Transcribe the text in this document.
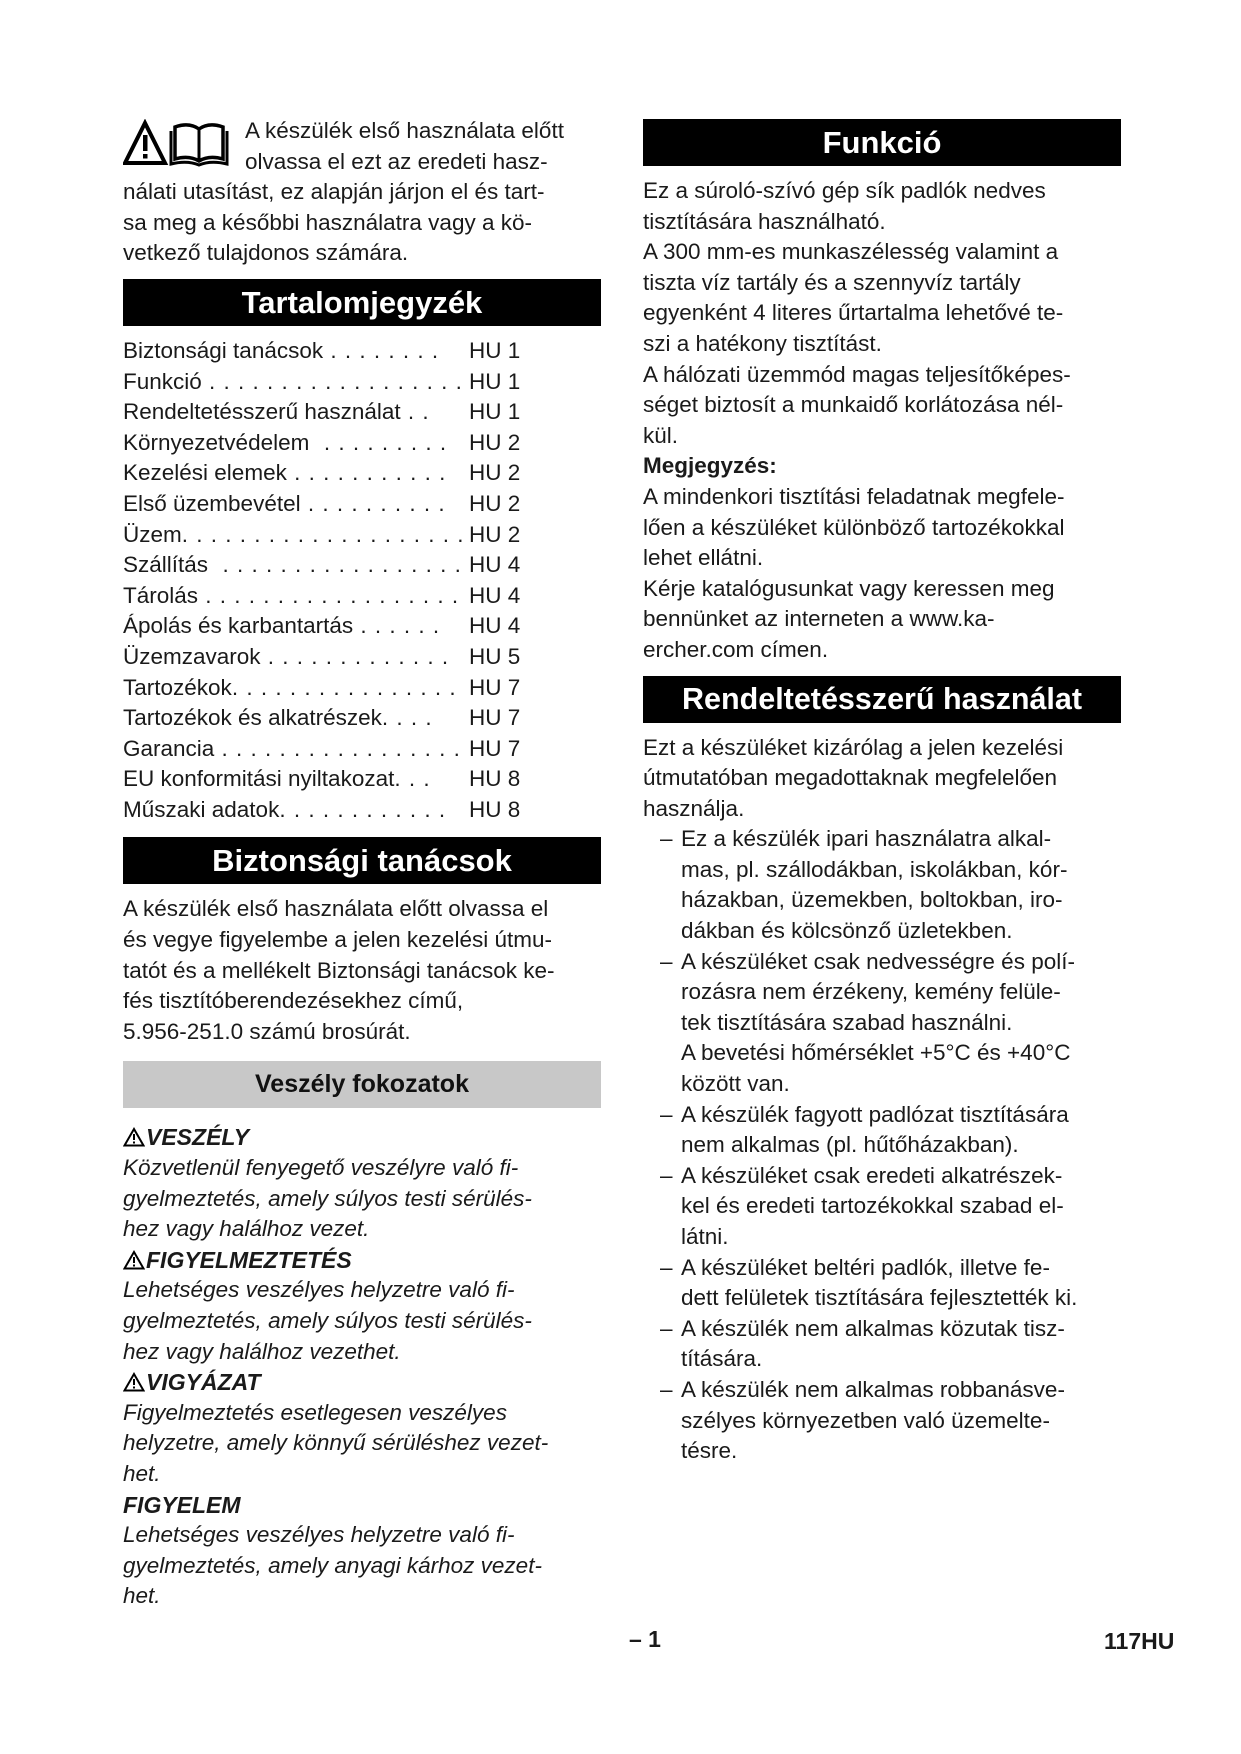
A készülék első használata előtt

olvassa el ezt az eredeti hasz-

nálati utasítást, ez alapján járjon el és tart-

sa meg a későbbi használatra vagy a kö-

vetkező tulajdonos számára.

Tartalomjegyzék
Biztonsági tanácsok . . . . . . . . HU 1
Funkció . . . . . . . . . . . . . . . . . . HU 1
Rendeltetésszerű használat . . HU 1
Környezetvédelem  . . . . . . . . . HU 2
Kezelési elemek . . . . . . . . . . . HU 2
Első üzembevétel . . . . . . . . . . HU 2
Üzem. . . . . . . . . . . . . . . . . . . . HU 2
Szállítás  . . . . . . . . . . . . . . . . . HU 4
Tárolás . . . . . . . . . . . . . . . . . . HU 4
Ápolás és karbantartás . . . . . . HU 4
Üzemzavarok . . . . . . . . . . . . . HU 5
Tartozékok. . . . . . . . . . . . . . . . HU 7
Tartozékok és alkatrészek. . . . HU 7
Garancia . . . . . . . . . . . . . . . . . HU 7
EU konformitási nyiltakozat. . . HU 8
Műszaki adatok. . . . . . . . . . . . HU 8
Biztonsági tanácsok

A készülék első használata előtt olvassa el

és vegye figyelembe a jelen kezelési útmu-

tatót és a mellékelt Biztonsági tanácsok ke-

fés tisztítóberendezésekhez című,

5.956-251.0 számú brosúrát.

Veszély fokozatok

VESZÉLY

Közvetlenül fenyegető veszélyre való fi-

gyelmeztetés, amely súlyos testi sérülés-

hez vagy halálhoz vezet.

FIGYELMEZTETÉS

Lehetséges veszélyes helyzetre való fi-

gyelmeztetés, amely súlyos testi sérülés-

hez vagy halálhoz vezethet.

VIGYÁZAT

Figyelmeztetés esetlegesen veszélyes

helyzetre, amely könnyű sérüléshez vezet-

het.

FIGYELEM

Lehetséges veszélyes helyzetre való fi-

gyelmeztetés, amely anyagi kárhoz vezet-

het.

Funkció

Ez a súroló-szívó gép sík padlók nedves

tisztítására használható.

A 300 mm-es munkaszélesség valamint a

tiszta víz tartály és a szennyvíz tartály

egyenként 4 literes űrtartalma lehetővé te-

szi a hatékony tisztítást.

A hálózati üzemmód magas teljesítőképes-

séget biztosít a munkaidő korlátozása nél-

kül.

Megjegyzés:

A mindenkori tisztítási feladatnak megfele-

lően a készüléket különböző tartozékokkal

lehet ellátni.

Kérje katalógusunkat vagy keressen meg

bennünket az interneten a www.ka-

ercher.com címen.

Rendeltetésszerű használat

Ezt a készüléket kizárólag a jelen kezelési

útmutatóban megadottaknak megfelelően

használja.

– Ez a készülék ipari használatra alkal-
mas, pl. szállodákban, iskolákban, kór-
házakban, üzemekben, boltokban, iro-
dákban és kölcsönző üzletekben.
– A készüléket csak nedvességre és polí-
rozásra nem érzékeny, kemény felüle-
tek tisztítására szabad használni.
A bevetési hőmérséklet +5°C és +40°C
között van.
– A készülék fagyott padlózat tisztítására
nem alkalmas (pl. hűtőházakban).
– A készüléket csak eredeti alkatrészek-
kel és eredeti tartozékokkal szabad el-
látni.
– A készüléket beltéri padlók, illetve fe-
dett felületek tisztítására fejlesztették ki.
– A készülék nem alkalmas közutak tisz-
títására.
– A készülék nem alkalmas robbanásve-
szélyes környezetben való üzemelte-
tésre.
– 1	117HU
